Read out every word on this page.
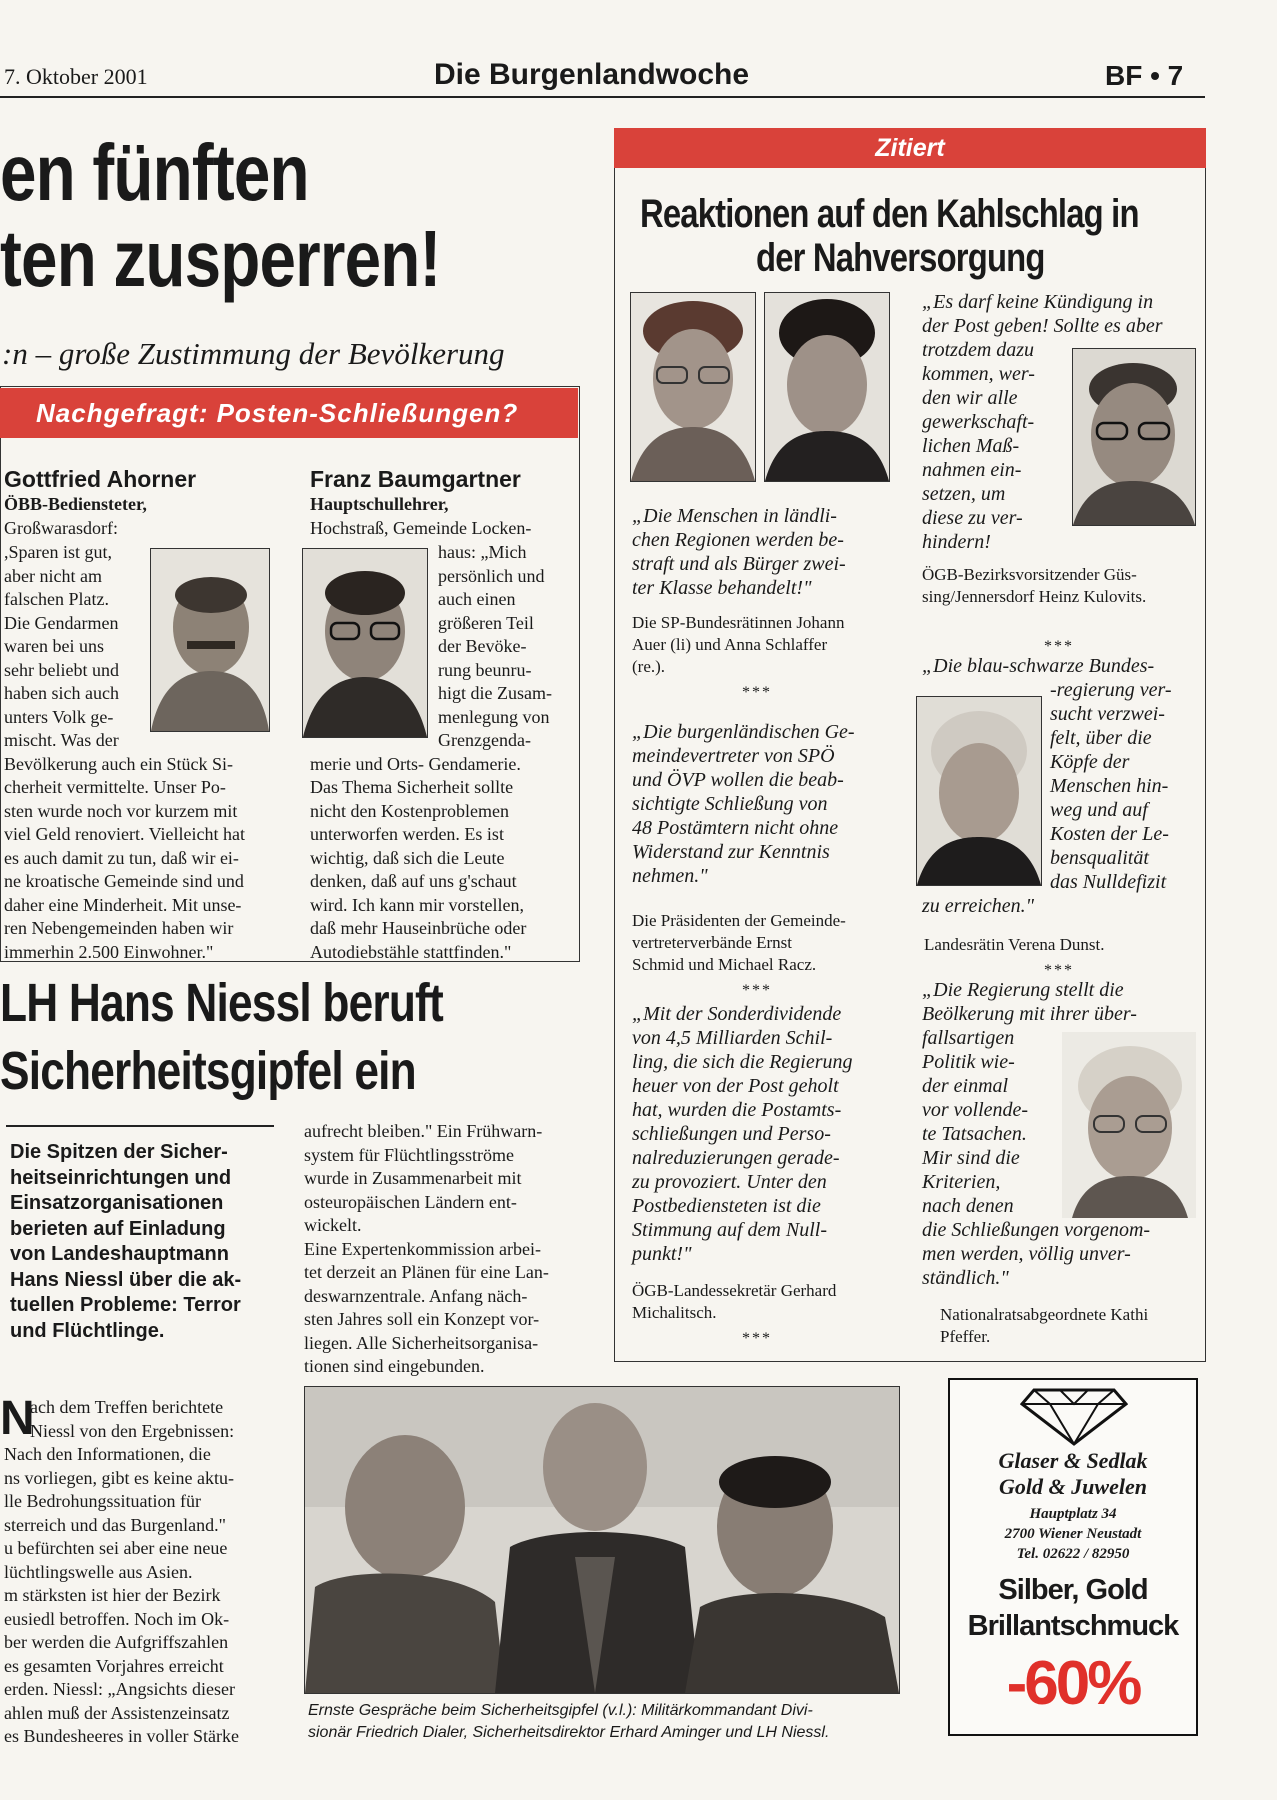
7. Oktober 2001	Die Burgenlandwoche	BF • 7
en fünften
ten zusperren!
:n – große Zustimmung der Bevölkerung
Nachgefragt: Posten-Schließungen?
Gottfried Ahorner
ÖBB-Bediensteter,
Großwarasdorf:
,Sparen ist gut,
aber nicht am
falschen Platz.
Die Gendarmen
waren bei uns
sehr beliebt und
haben sich auch
unters Volk ge-
mischt. Was der
Bevölkerung auch ein Stück Si-
cherheit vermittelte. Unser Po-
sten wurde noch vor kurzem mit
viel Geld renoviert. Vielleicht hat
es auch damit zu tun, daß wir ei-
ne kroatische Gemeinde sind und
daher eine Minderheit. Mit unse-
ren Nebengemeinden haben wir
immerhin 2.500 Einwohner."
Franz Baumgartner
Hauptschullehrer,
Hochstraß, Gemeinde Locken-
haus: „Mich
persönlich und
auch einen
größeren Teil
der Bevöke-
rung beunru-
higt die Zusam-
menlegung von
Grenzgenda-
merie und Orts- Gendamerie.
Das Thema Sicherheit sollte
nicht den Kostenproblemen
unterworfen werden. Es ist
wichtig, daß sich die Leute
denken, daß auf uns g'schaut
wird. Ich kann mir vorstellen,
daß mehr Hauseinbrüche oder
Autodiebstähle stattfinden."
LH Hans Niessl beruft
Sicherheitsgipfel ein
Die Spitzen der Sicher-
heitseinrichtungen und
Einsatzorganisationen
berieten auf Einladung
von Landeshauptmann
Hans Niessl über die ak-
tuellen Probleme: Terror
und Flüchtlinge.
aufrecht bleiben." Ein Frühwarn-
system für Flüchtlingsströme
wurde in Zusammenarbeit mit
osteuropäischen Ländern ent-
wickelt.
Eine Expertenkommission arbei-
tet derzeit an Plänen für eine Lan-
deswarnzentrale. Anfang näch-
sten Jahres soll ein Konzept vor-
liegen. Alle Sicherheitsorganisa-
tionen sind eingebunden.
N
ach dem Treffen berichtete
Niessl von den Ergebnissen:
Nach den Informationen, die
ns vorliegen, gibt es keine aktu-
lle Bedrohungssituation für
sterreich und das Burgenland."
u befürchten sei aber eine neue
lüchtlingswelle aus Asien.
m stärksten ist hier der Bezirk
eusiedl betroffen. Noch im Ok-
ber werden die Aufgriffszahlen
es gesamten Vorjahres erreicht
erden. Niessl: „Angsichts dieser
ahlen muß der Assistenzeinsatz
es Bundesheeres in voller Stärke
Ernste Gespräche beim Sicherheitsgipfel (v.l.): Militärkommandant Divi-
sionär Friedrich Dialer, Sicherheitsdirektor Erhard Aminger und LH Niessl.
Zitiert
Reaktionen auf den Kahlschlag in
der Nahversorgung
„Die Menschen in ländli-
chen Regionen werden be-
straft und als Bürger zwei-
ter Klasse behandelt!"
Die SP-Bundesrätinnen Johann
Auer (li) und Anna Schlaffer
(re.).
***
„Die burgenländischen Ge-
meindevertreter von SPÖ
und ÖVP wollen die beab-
sichtigte Schließung von
48 Postämtern nicht ohne
Widerstand zur Kenntnis
nehmen."
Die Präsidenten der Gemeinde-
vertreterverbände Ernst
Schmid und Michael Racz.
***
„Mit der Sonderdividende
von 4,5 Milliarden Schil-
ling, die sich die Regierung
heuer von der Post geholt
hat, wurden die Postamts-
schließungen und Perso-
nalreduzierungen gerade-
zu provoziert. Unter den
Postbediensteten ist die
Stimmung auf dem Null-
punkt!"
ÖGB-Landessekretär Gerhard
Michalitsch.
***
„Es darf keine Kündigung in
der Post geben! Sollte es aber
trotzdem dazu
kommen, wer-
den wir alle
gewerkschaft-
lichen Maß-
nahmen ein-
setzen, um
diese zu ver-
hindern!
ÖGB-Bezirksvorsitzender Güs-
sing/Jennersdorf Heinz Kulovits.
***
„Die blau-schwarze Bundes-
-regierung ver-
sucht verzwei-
felt, über die
Köpfe der
Menschen hin-
weg und auf
Kosten der Le-
bensqualität
das Nulldefizit
zu erreichen."
Landesrätin Verena Dunst.
***
„Die Regierung stellt die
Beölkerung mit ihrer über-
fallsartigen
Politik wie-
der einmal
vor vollende-
te Tatsachen.
Mir sind die
Kriterien,
nach denen
die Schließungen vorgenom-
men werden, völlig unver-
ständlich."
Nationalratsabgeordnete Kathi
Pfeffer.
Glaser & Sedlak
Gold & Juwelen
Hauptplatz 34
2700 Wiener Neustadt
Tel. 02622 / 82950
Silber, Gold
Brillantschmuck
-60%
